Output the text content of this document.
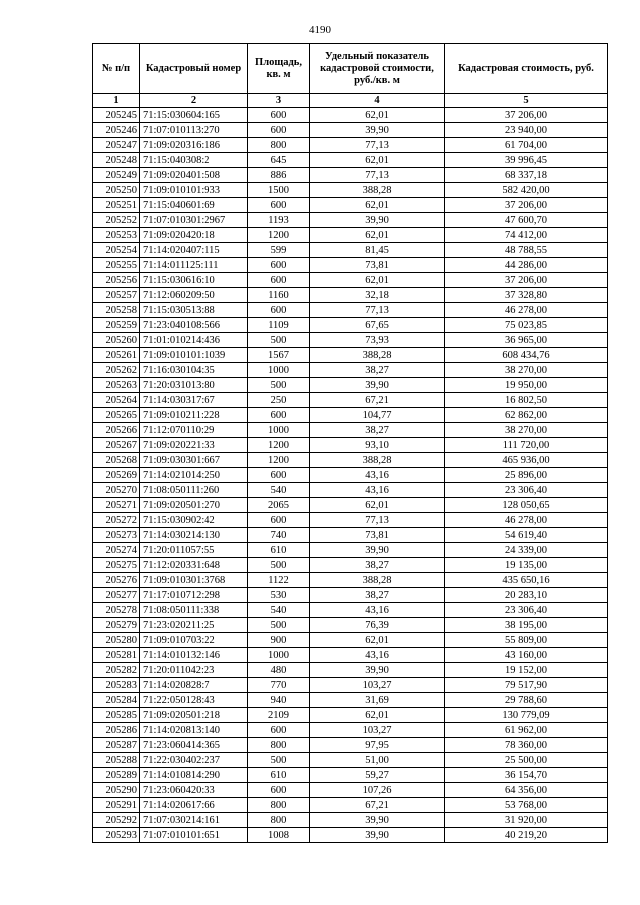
4190
№ п/п	Кадастровый номер	Площадь, кв. м	Удельный показатель кадастровой стоимости, руб./кв. м	Кадастровая стоимость, руб.
1	2	3	4	5
205245	71:15:030604:165	600	62,01	37 206,00
205246	71:07:010113:270	600	39,90	23 940,00
205247	71:09:020316:186	800	77,13	61 704,00
205248	71:15:040308:2	645	62,01	39 996,45
205249	71:09:020401:508	886	77,13	68 337,18
205250	71:09:010101:933	1500	388,28	582 420,00
205251	71:15:040601:69	600	62,01	37 206,00
205252	71:07:010301:2967	1193	39,90	47 600,70
205253	71:09:020420:18	1200	62,01	74 412,00
205254	71:14:020407:115	599	81,45	48 788,55
205255	71:14:011125:111	600	73,81	44 286,00
205256	71:15:030616:10	600	62,01	37 206,00
205257	71:12:060209:50	1160	32,18	37 328,80
205258	71:15:030513:88	600	77,13	46 278,00
205259	71:23:040108:566	1109	67,65	75 023,85
205260	71:01:010214:436	500	73,93	36 965,00
205261	71:09:010101:1039	1567	388,28	608 434,76
205262	71:16:030104:35	1000	38,27	38 270,00
205263	71:20:031013:80	500	39,90	19 950,00
205264	71:14:030317:67	250	67,21	16 802,50
205265	71:09:010211:228	600	104,77	62 862,00
205266	71:12:070110:29	1000	38,27	38 270,00
205267	71:09:020221:33	1200	93,10	111 720,00
205268	71:09:030301:667	1200	388,28	465 936,00
205269	71:14:021014:250	600	43,16	25 896,00
205270	71:08:050111:260	540	43,16	23 306,40
205271	71:09:020501:270	2065	62,01	128 050,65
205272	71:15:030902:42	600	77,13	46 278,00
205273	71:14:030214:130	740	73,81	54 619,40
205274	71:20:011057:55	610	39,90	24 339,00
205275	71:12:020331:648	500	38,27	19 135,00
205276	71:09:010301:3768	1122	388,28	435 650,16
205277	71:17:010712:298	530	38,27	20 283,10
205278	71:08:050111:338	540	43,16	23 306,40
205279	71:23:020211:25	500	76,39	38 195,00
205280	71:09:010703:22	900	62,01	55 809,00
205281	71:14:010132:146	1000	43,16	43 160,00
205282	71:20:011042:23	480	39,90	19 152,00
205283	71:14:020828:7	770	103,27	79 517,90
205284	71:22:050128:43	940	31,69	29 788,60
205285	71:09:020501:218	2109	62,01	130 779,09
205286	71:14:020813:140	600	103,27	61 962,00
205287	71:23:060414:365	800	97,95	78 360,00
205288	71:22:030402:237	500	51,00	25 500,00
205289	71:14:010814:290	610	59,27	36 154,70
205290	71:23:060420:33	600	107,26	64 356,00
205291	71:14:020617:66	800	67,21	53 768,00
205292	71:07:030214:161	800	39,90	31 920,00
205293	71:07:010101:651	1008	39,90	40 219,20
